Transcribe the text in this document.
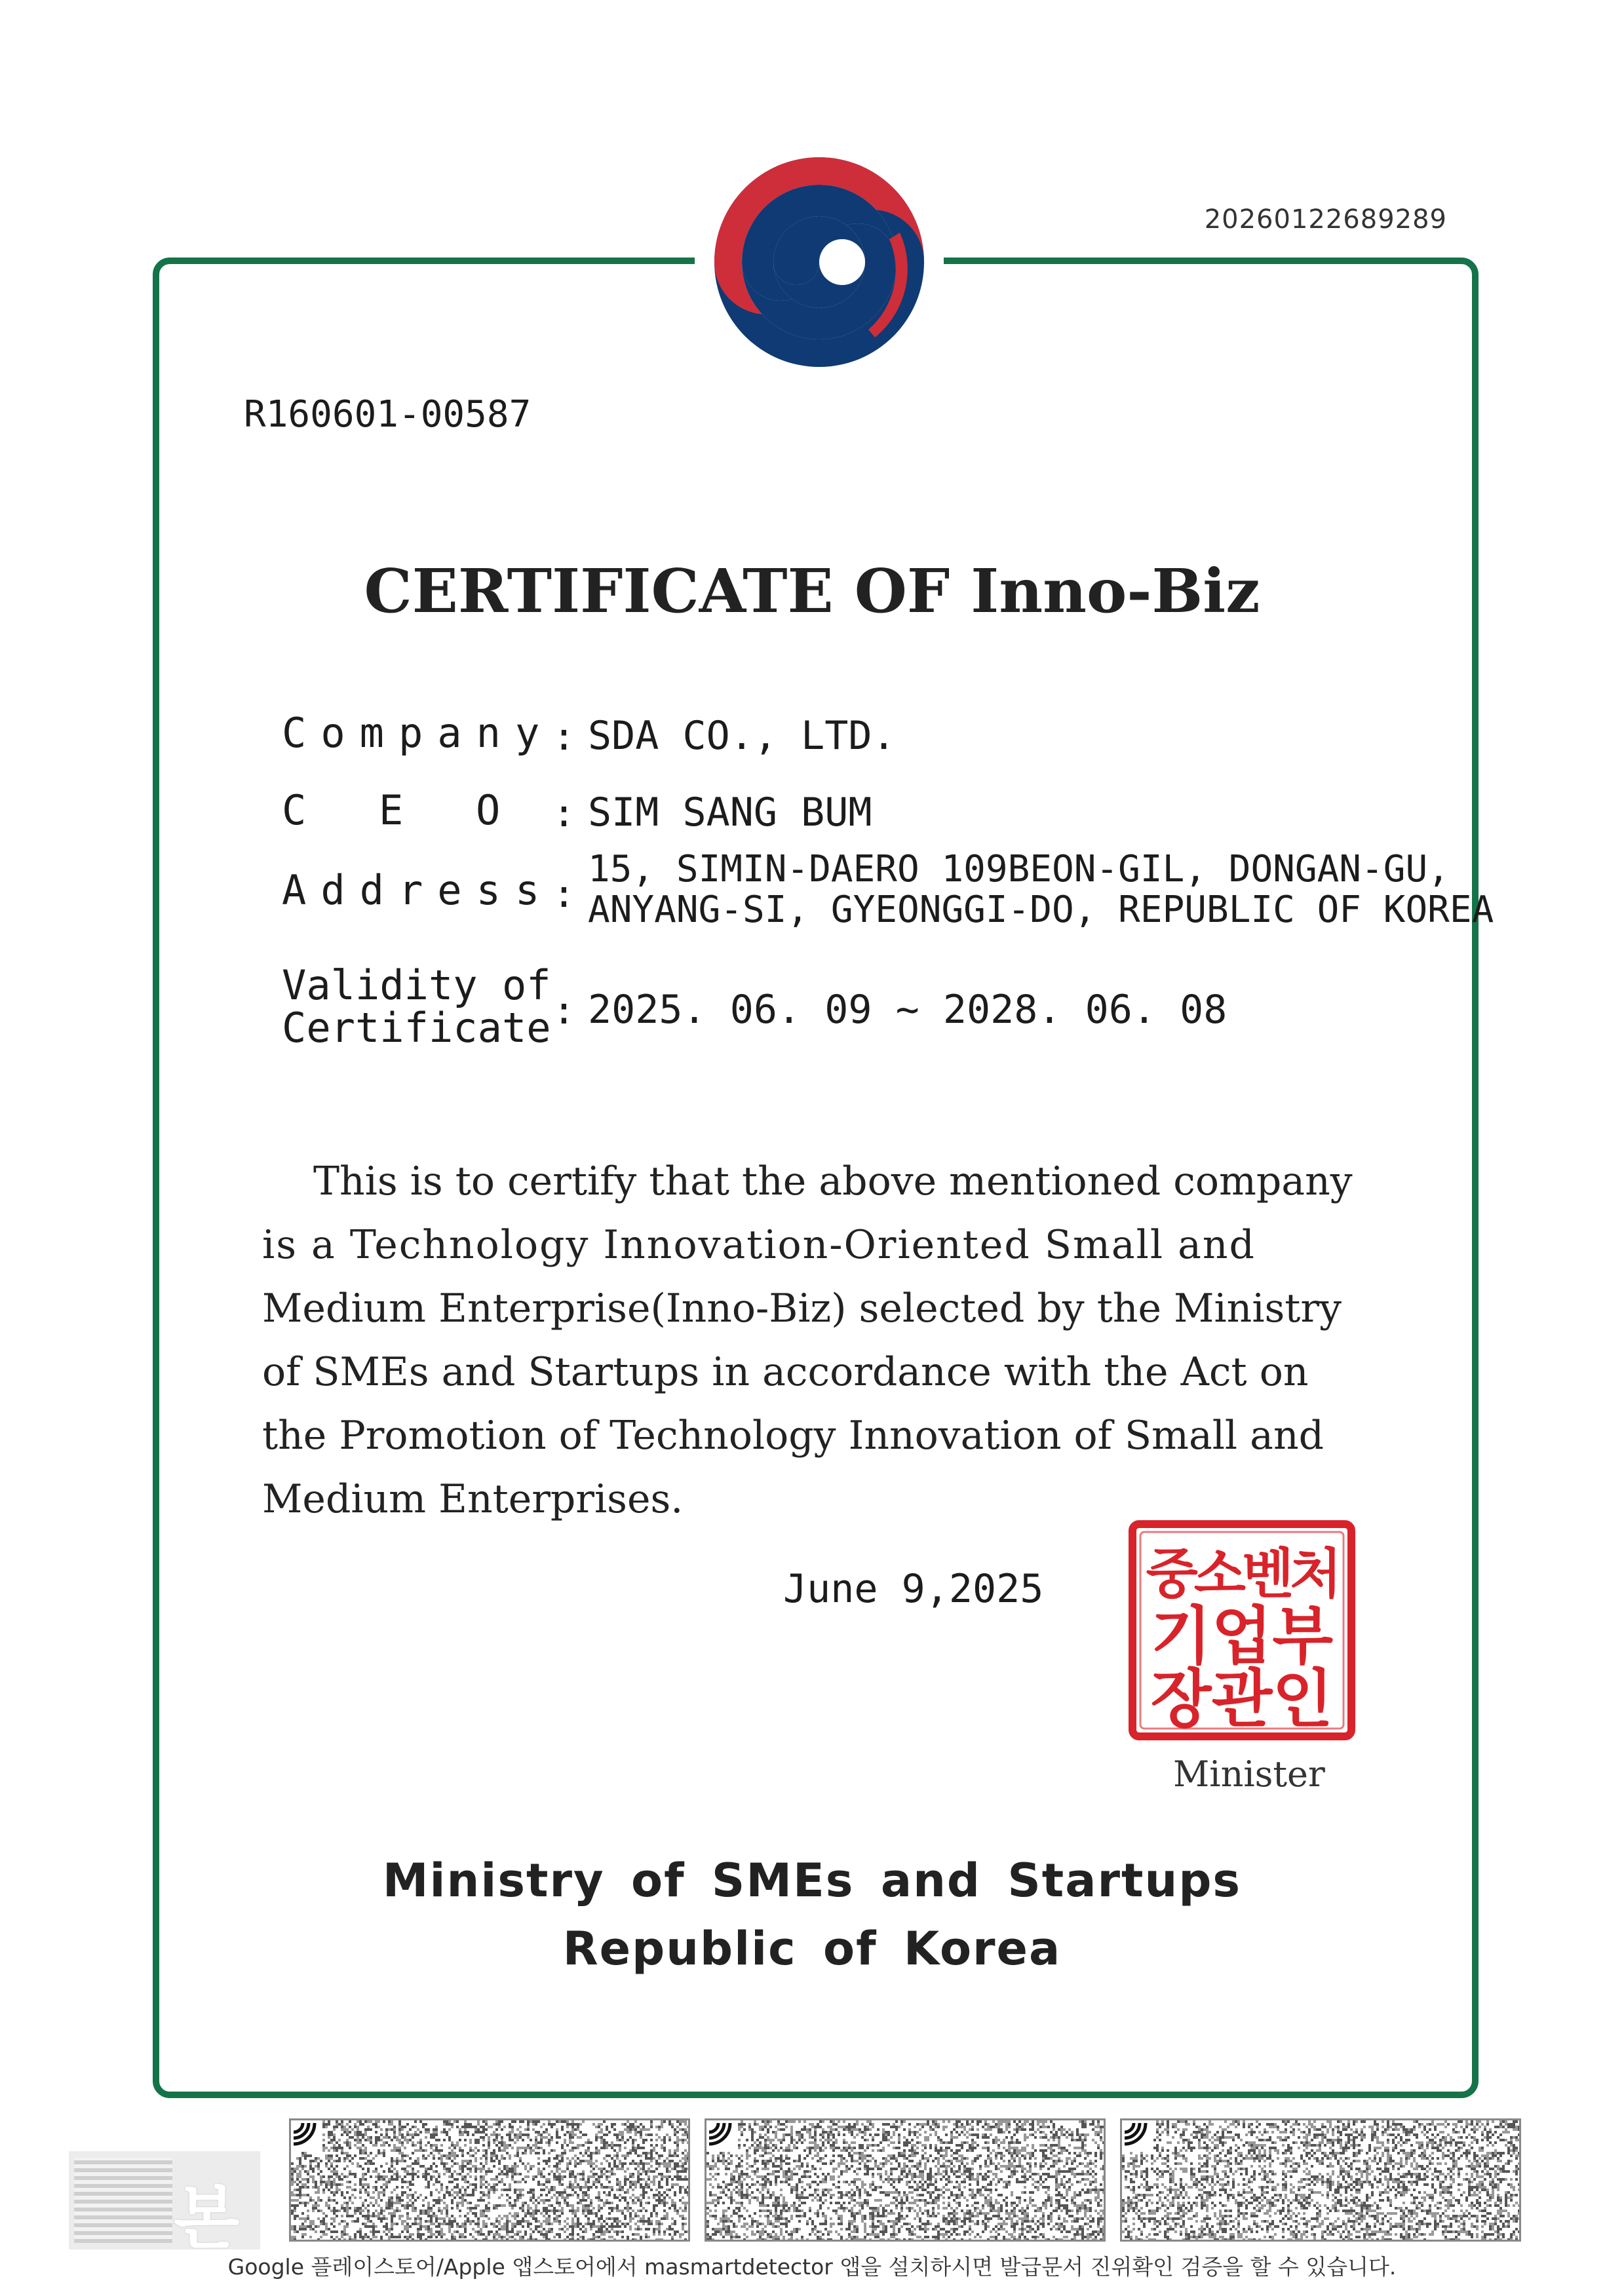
20260122689289
R160601-00587
CERTIFICATE OF Inno-Biz
Company
: SDA CO., LTD.
C  E  O : SIM SANG BUM
Address
:
15, SIMIN-DAERO 109BEON-GIL, DONGAN-GU,
ANYANG-SI, GYEONGGI-DO, REPUBLIC OF KOREA
Validity of
Certificate : 2025. 06. 09 ~ 2028. 06. 08
This is to certify that the above mentioned company
is a Technology Innovation-Oriented Small and
Medium Enterprise(Inno-Biz) selected by the Ministry
of SMEs and Startups in accordance with the Act on
the Promotion of Technology Innovation of Small and
Medium Enterprises.
June 9,2025 중소벤처
기업부
장관인
Minister
Ministry of SMEs and Startups
Republic of Korea
본
Google 플레이스토어/Apple 앱스토어에서 masmartdetector 앱을 설치하시면 발급문서 진위확인 검증을 할 수 있습니다.
